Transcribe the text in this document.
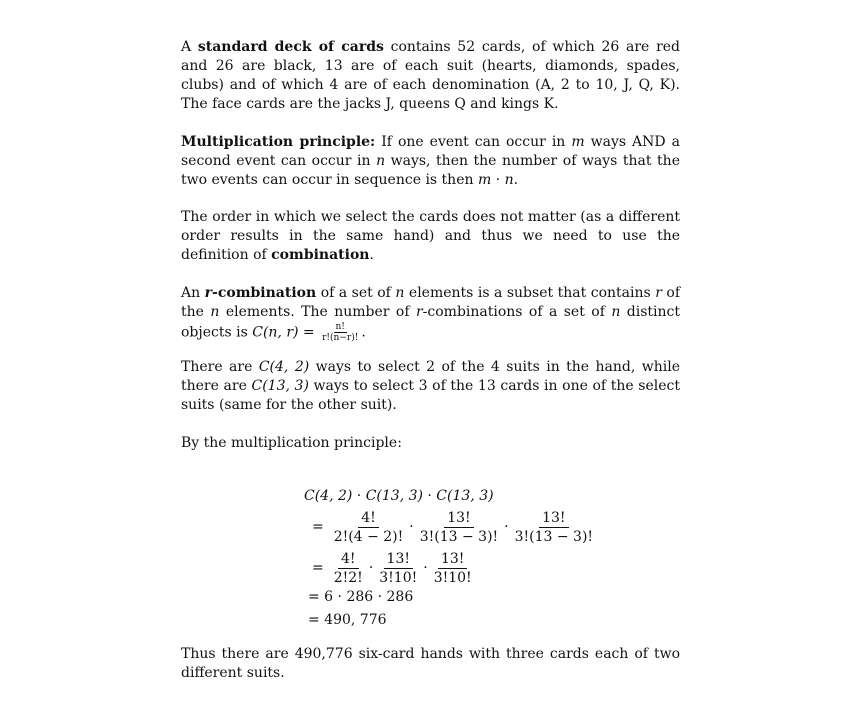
A standard deck of cards contains 52 cards, of which 26 are red and 26 are black, 13 are of each suit (hearts, diamonds, spades, clubs) and of which 4 are of each denomination (A, 2 to 10, J, Q, K). The face cards are the jacks J, queens Q and kings K.

Multiplication principle: If one event can occur in m ways AND a second event can occur in n ways, then the number of ways that the two events can occur in sequence is then m · n.

The order in which we select the cards does not matter (as a different order results in the same hand) and thus we need to use the definition of combination.

An r-combination of a set of n elements is a subset that contains r of the n elements. The number of r-combinations of a set of n distinct objects is C(n, $r) = \frac{n!}{r!(n-r)!}$ .

There are C(4, 2) ways to select 2 of the 4 suits in the hand, while there are C(13, 3) ways to select 3 of the 13 cards in one of the select suits (same for the other suit).

By the multiplication principle:

C(4, 2) · C(13, 3) · C(13, 3)
= $\frac{4!}{2!(4 - 2)!} \cdot \frac{13!}{3!(13 - 3)!} \cdot \frac{13!}{3!(13 - 3)!}$
= $\frac{4!}{2!2!} \cdot \frac{13!}{3!10!} \cdot \frac{13!}{3!10!}$
= 6 · 286 · 286
= 490, 776

Thus there are 490,776 six-card hands with three cards each of two different suits.
